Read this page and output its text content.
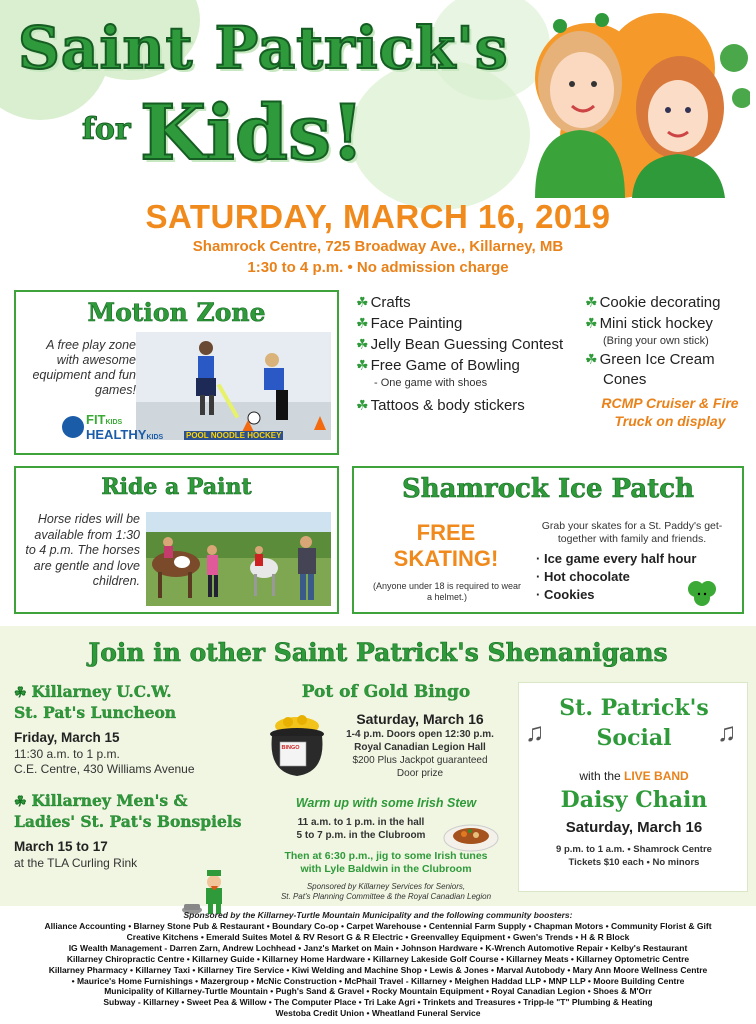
Saint Patrick's
for Kids!
SATURDAY, MARCH 16, 2019
Shamrock Centre, 725 Broadway Ave., Killarney, MB
1:30 to 4 p.m. • No admission charge
Motion Zone
A free play zone with awesome equipment and fun games!
FITKIDS
HEALTHYKIDS	POOL NOODLE HOCKEY
☘ Crafts
☘ Face Painting
☘ Jelly Bean Guessing Contest
☘ Free Game of Bowling
- One game with shoes
☘ Tattoos & body stickers
☘ Cookie decorating
☘ Mini stick hockey
(Bring your own stick)
☘ Green Ice Cream Cones
RCMP Cruiser & Fire Truck on display
Ride a Paint
Horse rides will be available from 1:30 to 4 p.m. The horses are gentle and love children.
Shamrock Ice Patch
FREE SKATING!
(Anyone under 18 is required to wear a helmet.)
Grab your skates for a St. Paddy's get-together with family and friends.
· Ice game every half hour
· Hot chocolate
· Cookies
Join in other Saint Patrick's Shenanigans
☘ Killarney U.C.W.
St. Pat's Luncheon
Friday, March 15
11:30 a.m. to 1 p.m.
C.E. Centre, 430 Williams Avenue
☘ Killarney Men's &
Ladies' St. Pat's Bonspiels
March 15 to 17
at the TLA Curling Rink
Pot of Gold Bingo
BINGO
Saturday, March 16
1-4 p.m. Doors open 12:30 p.m.
Royal Canadian Legion Hall
$200 Plus Jackpot guaranteed
Door prize
Warm up with some Irish Stew
11 a.m. to 1 p.m. in the hall
5 to 7 p.m. in the Clubroom
Then at 6:30 p.m., jig to some Irish tunes
with Lyle Baldwin in the Clubroom
Sponsored by Killarney Services for Seniors,
St. Pat's Planning Committee & the Royal Canadian Legion
St. Patrick's
Social
♫	♫
with the LIVE BAND
Daisy Chain
Saturday, March 16
9 p.m. to 1 a.m. • Shamrock Centre
Tickets $10 each • No minors
Sponsored by the Killarney-Turtle Mountain Municipality and the following community boosters:
Alliance Accounting • Blarney Stone Pub & Restaurant • Boundary Co-op • Carpet Warehouse • Centennial Farm Supply • Chapman Motors • Community Florist & Gift
Creative Kitchens • Emerald Suites Motel & RV Resort G & R Electric • Greenvalley Equipment • Gwen's Trends • H & R Block
IG Wealth Management - Darren Zarn, Andrew Lochhead • Janz's Market on Main • Johnson Hardware • K-Wrench Automotive Repair • Kelby's Restaurant
Killarney Chiropractic Centre • Killarney Guide • Killarney Home Hardware • Killarney Lakeside Golf Course • Killarney Meats • Killarney Optometric Centre
Killarney Pharmacy • Killarney Taxi • Killarney Tire Service • Kiwi Welding and Machine Shop • Lewis & Jones • Marval Autobody • Mary Ann Moore Wellness Centre
• Maurice's Home Furnishings • Mazergroup • McNic Construction • McPhail Travel - Killarney • Meighen Haddad LLP • MNP LLP • Moore Building Centre
Municipality of Killarney-Turtle Mountain • Pugh's Sand & Gravel • Rocky Mountain Equipment • Royal Canadian Legion • Shoes & M'Orr
Subway - Killarney • Sweet Pea & Willow • The Computer Place • Tri Lake Agri • Trinkets and Treasures • Tripp-le "T" Plumbing & Heating
Westoba Credit Union • Wheatland Funeral Service
